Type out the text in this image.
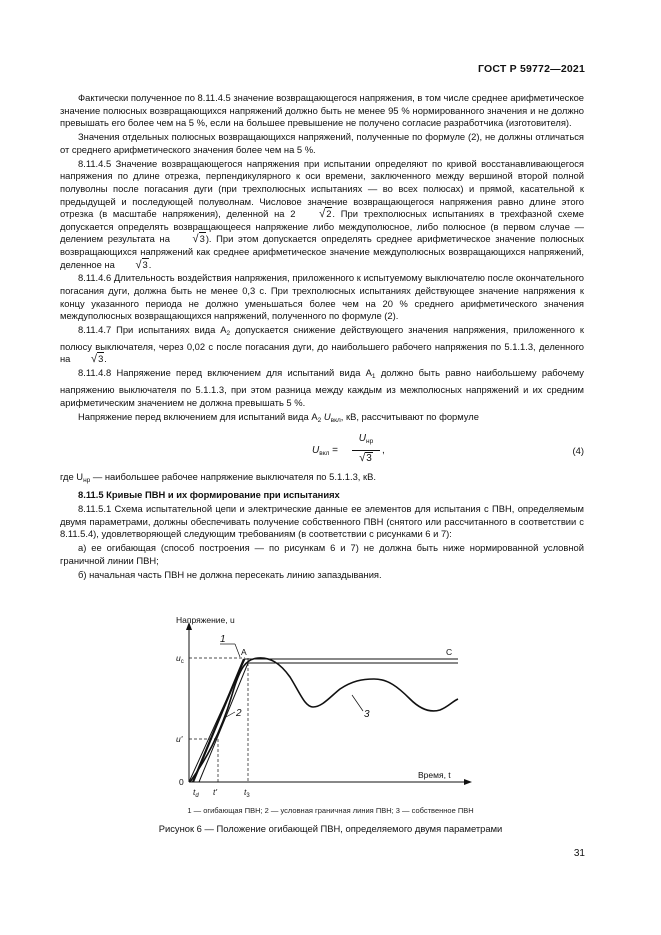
ГОСТ Р 59772—2021

Фактически полученное по 8.11.4.5 значение возвращающегося напряжения, в том числе среднее арифметическое значение полюсных возвращающихся напряжений должно быть не менее 95 % нормированного значения и не должно превышать его более чем на 5 %, если на большее превышение не получено согласие разработчика (изготовителя).

Значения отдельных полюсных возвращающихся напряжений, полученные по формуле (2), не должны отличаться от среднего арифметического значения более чем на 5 %.

8.11.4.5 Значение возвращающегося напряжения при испытании определяют по кривой восстанавливающегося напряжения по длине отрезка, перпендикулярного к оси времени, заключенного между вершиной второй полной полуволны после погасания дуги (при трехполюсных испытаниях — во всех полюсах) и прямой, касательной к предыдущей и последующей полуволнам. Числовое значение возвращающегося напряжения равно длине этого отрезка (в масштабе напряжения), деленной на 2 √2. При трехполюсных испытаниях в трехфазной схеме допускается определять возвращающееся напряжение либо междуполюсное, либо полюсное (в первом случае — делением результата на √3). При этом допускается определять среднее арифметическое значение полюсных возвращающихся напряжений как среднее арифметическое значение междуполюсных возвращающихся напряжений, деленное на √3.

8.11.4.6 Длительность воздействия напряжения, приложенного к испытуемому выключателю после окончательного погасания дуги, должна быть не менее 0,3 с. При трехполюсных испытаниях действующее значение напряжения к концу указанного периода не должно уменьшаться более чем на 20 % среднего арифметического значения междуполюсных возвращающихся напряжений, полученного по формуле (2).

8.11.4.7 При испытаниях вида $А_2$ допускается снижение действующего значения напряжения, приложенного к полюсу выключателя, через 0,02 с после погасания дуги, до наибольшего рабочего напряжения по 5.1.1.3, деленного на √3.

8.11.4.8 Напряжение перед включением для испытаний вида $А_1$ должно быть равно наибольшему рабочему напряжению выключателя по 5.1.1.3, при этом разница между каждым из межполюсных напряжений и их средним арифметическим значением не должна превышать 5 %.

Напряжение перед включением для испытаний вида $А_2$ $U_{вкл}$, кВ, рассчитывают по формуле

$U_{вкл}$ =
$U_{нр}$
√3
,	(4)

где $U_{нр}$ — наибольшее рабочее напряжение выключателя по 5.1.1.3, кВ.

8.11.5 Кривые ПВН и их формирование при испытаниях

8.11.5.1 Схема испытательной цепи и электрические данные ее элементов для испытания с ПВН, определяемым двумя параметрами, должны обеспечивать получение собственного ПВН (снятого или рассчитанного в соответствии с 8.11.5.4), удовлетворяющей следующим требованиям (в соответствии с рисунками 6 и 7):

а) ее огибающая (способ построения — по рисункам 6 и 7) не должна быть ниже нормированной условной граничной линии ПВН;

б) начальная часть ПВН не должна пересекать линию запаздывания.

Напряжение, u
Время, t
0
$u_c$
u'
$t_d$ t'	$t_3$
A	C
1
2	3
1 — огибающая ПВН; 2 — условная граничная линия ПВН; 3 — собственное ПВН
Рисунок 6 — Положение огибающей ПВН, определяемого двумя параметрами
31
